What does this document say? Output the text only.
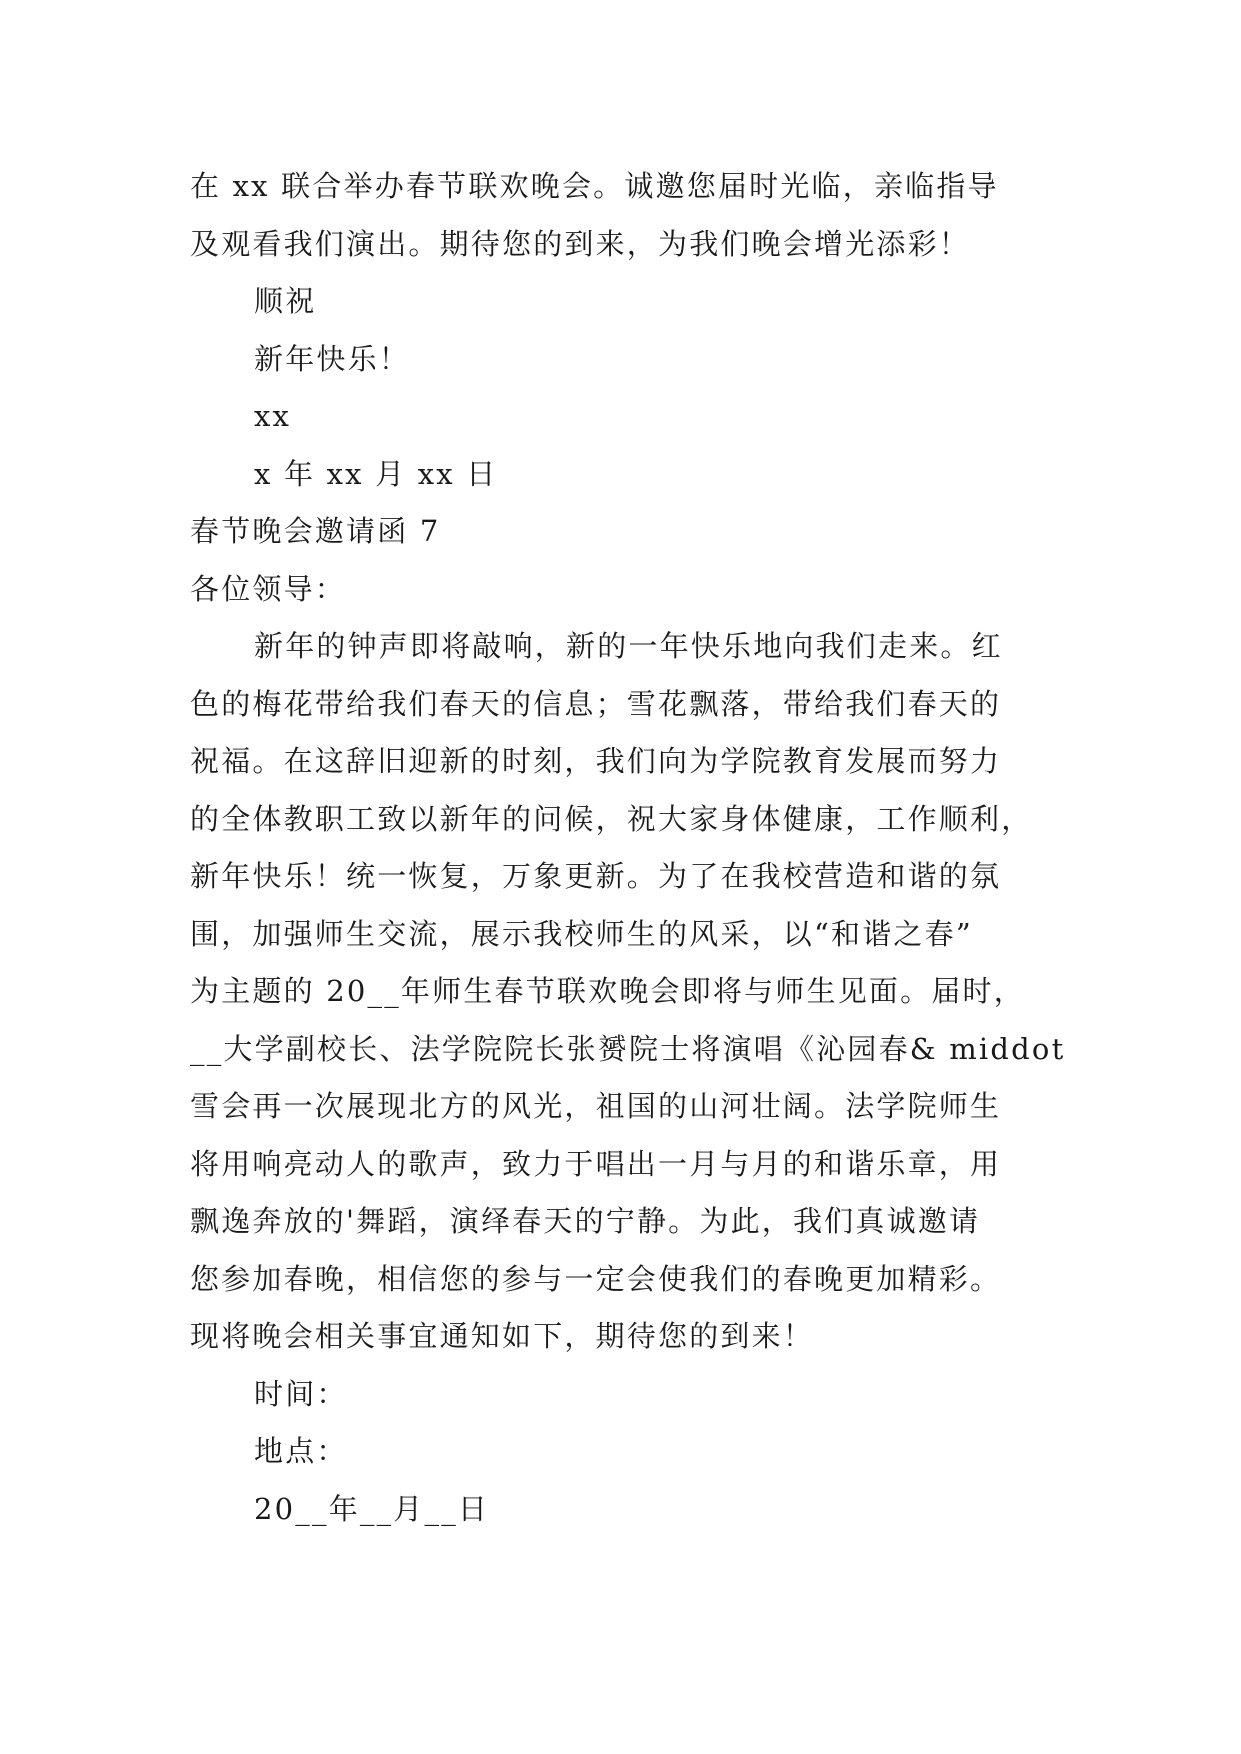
在 xx 联合举办春节联欢晚会。诚邀您届时光临，亲临指导
及观看我们演出。期待您的到来，为我们晚会增光添彩！
顺祝
新年快乐！
xx
x 年 xx 月 xx 日
春节晚会邀请函 7
各位领导：
新年的钟声即将敲响，新的一年快乐地向我们走来。红
色的梅花带给我们春天的信息；雪花飘落，带给我们春天的
祝福。在这辞旧迎新的时刻，我们向为学院教育发展而努力
的全体教职工致以新年的问候，祝大家身体健康，工作顺利，
新年快乐！统一恢复，万象更新。为了在我校营造和谐的氛
围，加强师生交流，展示我校师生的风采，以“和谐之春”
为主题的 20__年师生春节联欢晚会即将与师生见面。届时，
__大学副校长、法学院院长张赟院士将演唱《沁园春& middot
雪会再一次展现北方的风光，祖国的山河壮阔。法学院师生
将用响亮动人的歌声，致力于唱出一月与月的和谐乐章，用
飘逸奔放的'舞蹈，演绎春天的宁静。为此，我们真诚邀请
您参加春晚，相信您的参与一定会使我们的春晚更加精彩。
现将晚会相关事宜通知如下，期待您的到来！
时间：
地点：
20__年__月__日
